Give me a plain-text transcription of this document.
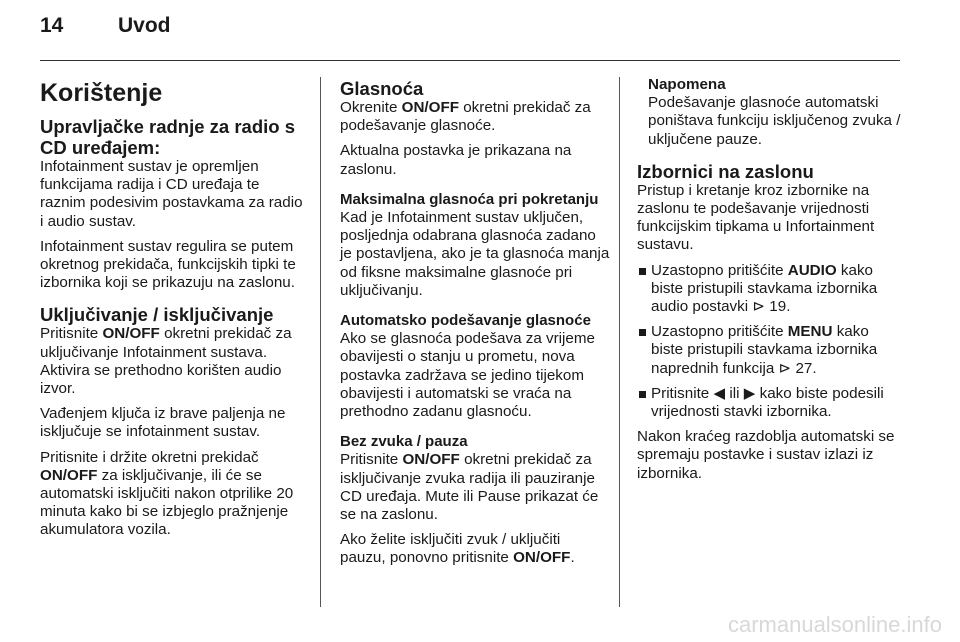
14	Uvod
Korištenje
Upravljačke radnje za radio s CD uređajem:

Infotainment sustav je opremljen funkcijama radija i CD uređaja te raznim podesivim postavkama za radio i audio sustav.

Infotainment sustav regulira se putem okretnog prekidača, funkcijskih tipki te izbornika koji se prikazuju na zaslonu.

Uključivanje / isključivanje

Pritisnite ON/OFF okretni prekidač za uključivanje Infotainment sustava. Aktivira se prethodno korišten audio izvor.

Vađenjem ključa iz brave paljenja ne isključuje se infotainment sustav.

Pritisnite i držite okretni prekidač ON/OFF za isključivanje, ili će se automatski isključiti nakon otprilike 20 minuta kako bi se izbjeglo pražnjenje akumulatora vozila.

Glasnoća

Okrenite ON/OFF okretni prekidač za podešavanje glasnoće.

Aktualna postavka je prikazana na zaslonu.

Maksimalna glasnoća pri pokretanju

Kad je Infotainment sustav uključen, posljednja odabrana glasnoća zadano je postavljena, ako je ta glasnoća manja od fiksne maksimalne glasnoće pri uključivanju.

Automatsko podešavanje glasnoće

Ako se glasnoća podešava za vrijeme obavijesti o stanju u prometu, nova postavka zadržava se jedino tijekom obavijesti i automatski se vraća na prethodno zadanu glasnoću.

Bez zvuka / pauza

Pritisnite ON/OFF okretni prekidač za isključivanje zvuka radija ili pauziranje CD uređaja. Mute ili Pause prikazat će se na zaslonu.

Ako želite isključiti zvuk / uključiti pauzu, ponovno pritisnite ON/OFF.

Napomena
Podešavanje glasnoće automatski poništava funkciju isključenog zvuka / uključene pauze.
Izbornici na zaslonu

Pristup i kretanje kroz izbornike na zaslonu te podešavanje vrijednosti funkcijskim tipkama u Infortainment sustavu.

Uzastopno pritišćite AUDIO kako biste pristupili stavkama izbornika audio postavki ⊳ 19.
Uzastopno pritišćite MENU kako biste pristupili stavkama izbornika naprednih funkcija ⊳ 27.
Pritisnite ◀ ili ▶ kako biste podesili vrijednosti stavki izbornika.

Nakon kraćeg razdoblja automatski se spremaju postavke i sustav izlazi iz izbornika.

carmanualsonline.info
